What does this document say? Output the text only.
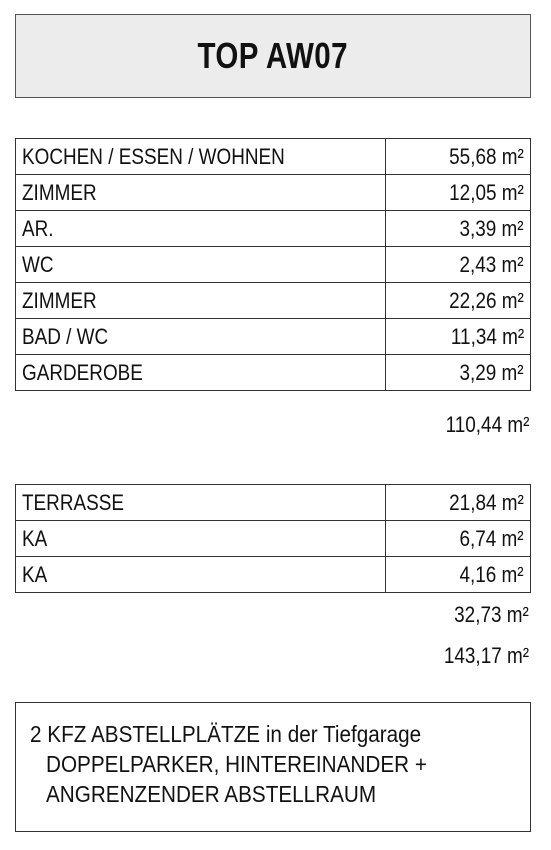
TOP AW07
KOCHEN / ESSEN / WOHNEN	55,68 m²
ZIMMER	12,05 m²
AR.	3,39 m²
WC	2,43 m²
ZIMMER	22,26 m²
BAD / WC	11,34 m²
GARDEROBE	3,29 m²
110,44 m²
TERRASSE	21,84 m²
KA	6,74 m²
KA	4,16 m²
32,73 m²
143,17 m²
2 KFZ ABSTELLPLÄTZE in der Tiefgarage
DOPPELPARKER, HINTEREINANDER +
ANGRENZENDER ABSTELLRAUM
